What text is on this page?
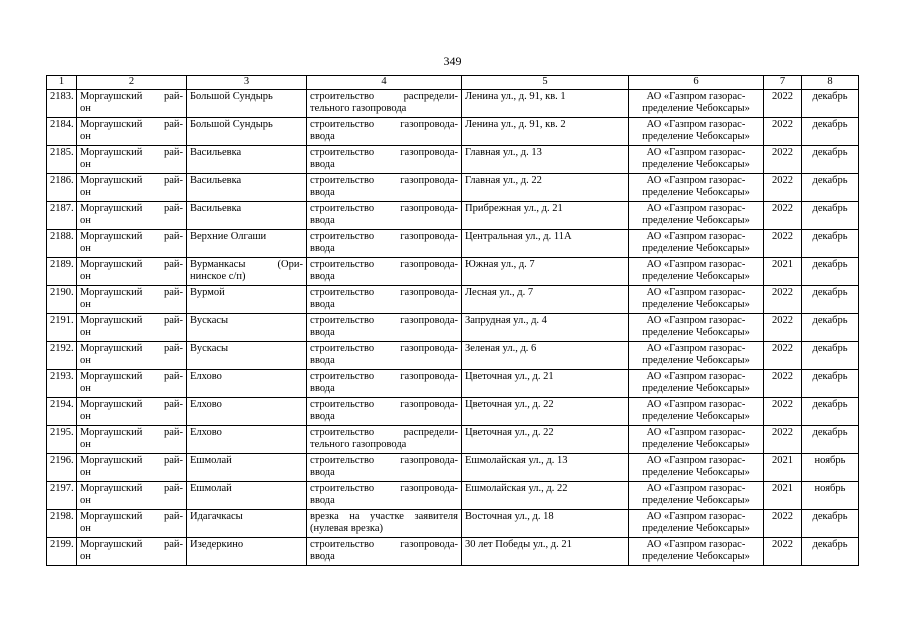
349
1	2	3	4	5	6	7	8

2183.	Моргаушский рай-
он	Большой Сундырь	строительство распредели-
тельного газопровода	Ленина ул., д. 91, кв. 1	АО «Газпром газорас-
пределение Чебоксары»	2022	декабрь

2184.	Моргаушский рай-
он	Большой Сундырь	строительство газопровода-
ввода	Ленина ул., д. 91, кв. 2	АО «Газпром газорас-
пределение Чебоксары»	2022	декабрь

2185.	Моргаушский рай-
он	Васильевка	строительство газопровода-
ввода	Главная ул., д. 13	АО «Газпром газорас-
пределение Чебоксары»	2022	декабрь

2186.	Моргаушский рай-
он	Васильевка	строительство газопровода-
ввода	Главная ул., д. 22	АО «Газпром газорас-
пределение Чебоксары»	2022	декабрь

2187.	Моргаушский рай-
он	Васильевка	строительство газопровода-
ввода	Прибрежная ул., д. 21	АО «Газпром газорас-
пределение Чебоксары»	2022	декабрь

2188.	Моргаушский рай-
он	Верхние Олгаши	строительство газопровода-
ввода	Центральная ул., д. 11А	АО «Газпром газорас-
пределение Чебоксары»	2022	декабрь

2189.	Моргаушский рай-
он	Вурманкасы (Ори-
нинское с/п)	строительство газопровода-
ввода	Южная ул., д. 7	АО «Газпром газорас-
пределение Чебоксары»	2021	декабрь

2190.	Моргаушский рай-
он	Вурмой	строительство газопровода-
ввода	Лесная ул., д. 7	АО «Газпром газорас-
пределение Чебоксары»	2022	декабрь

2191.	Моргаушский рай-
он	Вускасы	строительство газопровода-
ввода	Запрудная ул., д. 4	АО «Газпром газорас-
пределение Чебоксары»	2022	декабрь

2192.	Моргаушский рай-
он	Вускасы	строительство газопровода-
ввода	Зеленая ул., д. 6	АО «Газпром газорас-
пределение Чебоксары»	2022	декабрь

2193.	Моргаушский рай-
он	Елхово	строительство газопровода-
ввода	Цветочная ул., д. 21	АО «Газпром газорас-
пределение Чебоксары»	2022	декабрь

2194.	Моргаушский рай-
он	Елхово	строительство газопровода-
ввода	Цветочная ул., д. 22	АО «Газпром газорас-
пределение Чебоксары»	2022	декабрь

2195.	Моргаушский рай-
он	Елхово	строительство распредели-
тельного газопровода	Цветочная ул., д. 22	АО «Газпром газорас-
пределение Чебоксары»	2022	декабрь

2196.	Моргаушский рай-
он	Ешмолай	строительство газопровода-
ввода	Ешмолайская ул., д. 13	АО «Газпром газорас-
пределение Чебоксары»	2021	ноябрь

2197.	Моргаушский рай-
он	Ешмолай	строительство газопровода-
ввода	Ешмолайская ул., д. 22	АО «Газпром газорас-
пределение Чебоксары»	2021	ноябрь

2198.	Моргаушский рай-
он	Идагачкасы	врезка на участке заявителя
(нулевая врезка)	Восточная ул., д. 18	АО «Газпром газорас-
пределение Чебоксары»	2022	декабрь

2199.	Моргаушский рай-
он	Изедеркино	строительство газопровода-
ввода	30 лет Победы ул., д. 21	АО «Газпром газорас-
пределение Чебоксары»	2022	декабрь
